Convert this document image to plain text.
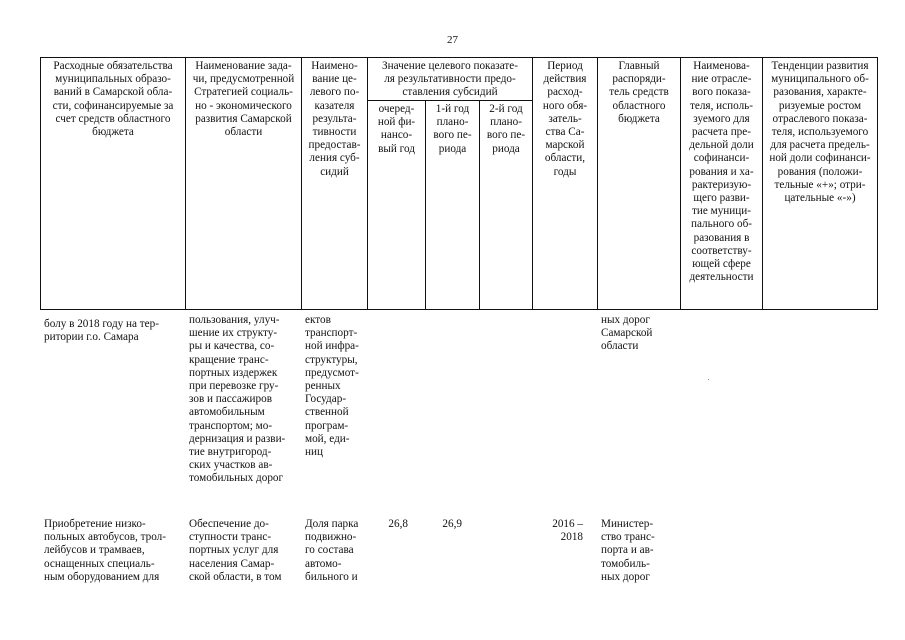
27
Расходные обязательства
муниципальных образо-
ваний в Самарской обла-
сти, софинансируемые за
счет средств областного
бюджета
Наименование зада-
чи, предусмотренной
Стратегией социаль-
но - экономического
развития Самарской
области
Наимено-
вание це-
левого по-
казателя
результа-
тивности
предостав-
ления суб-
сидий
Значение целевого показате-
ля результативности предо-
ставления субсидий
очеред-
ной фи-
нансо-
вый год
1-й год
плано-
вого пе-
риода
2-й год
плано-
вого пе-
риода
Период
действия
расход-
ного обя-
затель-
ства Са-
марской
области,
годы
Главный
распоряди-
тель средств
областного
бюджета
Наименова-
ние отрасле-
вого показа-
теля, исполь-
зуемого для
расчета пре-
дельной доли
софинанси-
рования и ха-
рактеризую-
щего разви-
тие муници-
пального об-
разования в
соответству-
ющей сфере
деятельности
Тенденции развития
муниципального об-
разования, характе-
ризуемые ростом
отраслевого показа-
теля, используемого
для расчета предель-
ной доли софинанси-
рования (положи-
тельные «+»; отри-
цательные «-»)
болу в 2018 году на тер-
ритории г.о. Самара
пользования, улуч-
шение их структу-
ры и качества, со-
кращение транс-
портных издержек
при перевозке гру-
зов и пассажиров
автомобильным
транспортом; мо-
дернизация и разви-
тие внутригород-
ских участков ав-
томобильных дорог
ектов
транспорт-
ной инфра-
структуры,
предусмот-
ренных
Государ-
ственной
програм-
мой, еди-
ниц
ных дорог
Самарской
области
Приобретение низко-
польных автобусов, трол-
лейбусов и трамваев,
оснащенных специаль-
ным оборудованием для
Обеспечение до-
ступности транс-
портных услуг для
населения Самар-
ской области, в том
Доля парка
подвижно-
го состава
автомо-
бильного и
26,8	26,9	2016 –
2018
Министер-
ство транс-
порта и ав-
томобиль-
ных дорог
